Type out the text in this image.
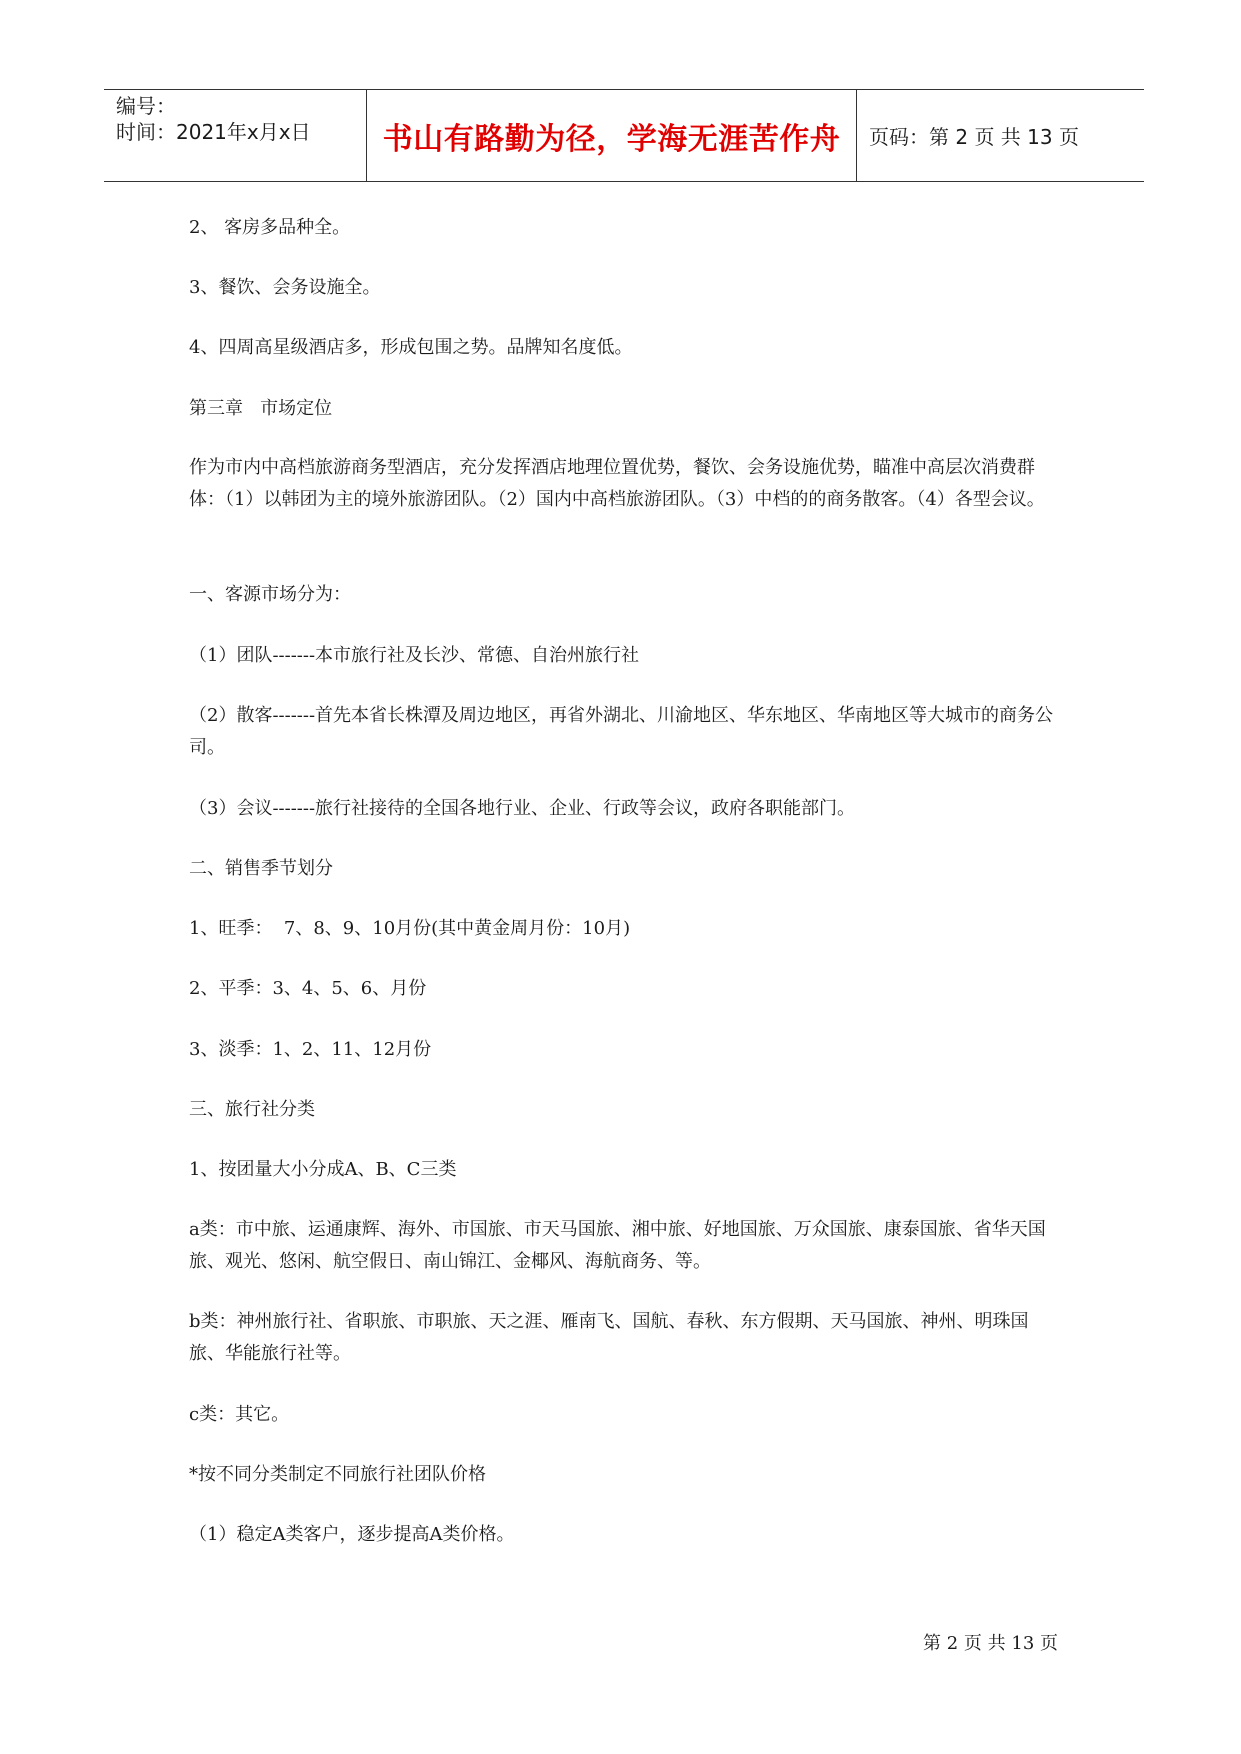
编号：
时间：2021年x月x日 书山有路勤为径，学海无涯苦作舟 页码：第 2 页 共 13 页

2、 客房多品种全。

3、餐饮、会务设施全。

4、四周高星级酒店多，形成包围之势。品牌知名度低。

第三章   市场定位

作为市内中高档旅游商务型酒店，充分发挥酒店地理位置优势，餐饮、会务设施优势，瞄准中高层次消费群体：（1）以韩团为主的境外旅游团队。（2）国内中高档旅游团队。（3）中档的的商务散客。（4）各型会议。

一、客源市场分为：

（1）团队-------本市旅行社及长沙、常德、自治州旅行社

（2）散客-------首先本省长株潭及周边地区，再省外湖北、川渝地区、华东地区、华南地区等大城市的商务公司。

（3）会议-------旅行社接待的全国各地行业、企业、行政等会议，政府各职能部门。

二、销售季节划分

1、旺季：  7、8、9、10月份(其中黄金周月份：10月)

2、平季：3、4、5、6、月份

3、淡季：1、2、11、12月份

三、旅行社分类

1、按团量大小分成A、B、C三类

a类：市中旅、运通康辉、海外、市国旅、市天马国旅、湘中旅、好地国旅、万众国旅、康泰国旅、省华天国旅、观光、悠闲、航空假日、南山锦江、金椰风、海航商务、等。

b类：神州旅行社、省职旅、市职旅、天之涯、雁南飞、国航、春秋、东方假期、天马国旅、神州、明珠国旅、华能旅行社等。

c类：其它。

*按不同分类制定不同旅行社团队价格

（1）稳定A类客户，逐步提高A类价格。

第 2 页 共 13 页
